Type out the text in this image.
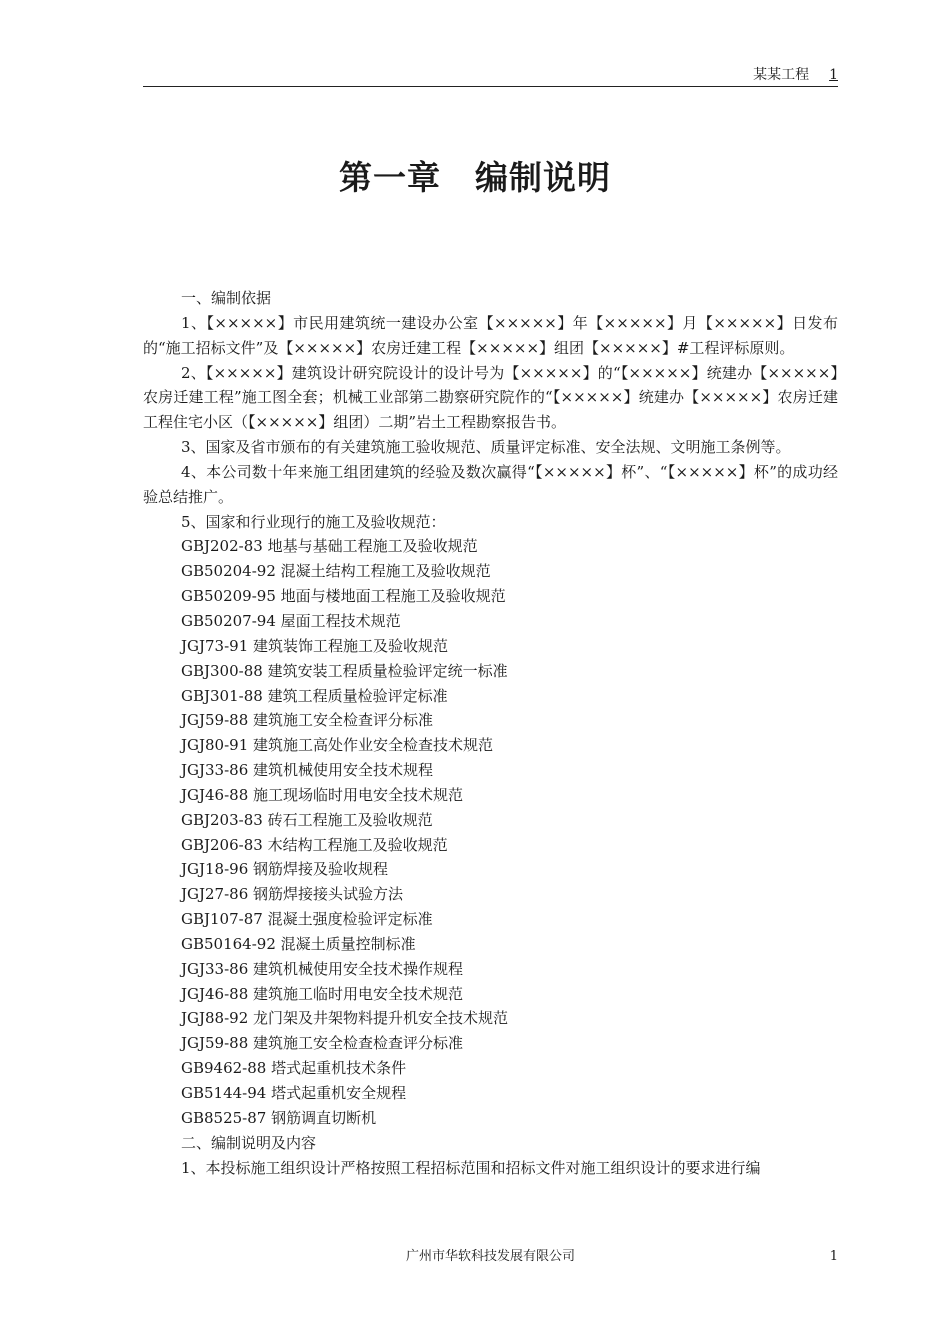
某某工程 1
第一章　编制说明

一、编制依据

1、【×××××】市民用建筑统一建设办公室【×××××】年【×××××】月【×××××】日发布的“施工招标文件”及【×××××】农房迁建工程【×××××】组团【×××××】#工程评标原则。

2、【×××××】建筑设计研究院设计的设计号为【×××××】的“【×××××】统建办【×××××】农房迁建工程”施工图全套；机械工业部第二勘察研究院作的“【×××××】统建办【×××××】农房迁建工程住宅小区（【×××××】组团）二期”岩土工程勘察报告书。

3、国家及省市颁布的有关建筑施工验收规范、质量评定标准、安全法规、文明施工条例等。

4、本公司数十年来施工组团建筑的经验及数次赢得“【×××××】杯”、“【×××××】杯”的成功经验总结推广。

5、国家和行业现行的施工及验收规范：

GBJ202-83 地基与基础工程施工及验收规范

GB50204-92 混凝土结构工程施工及验收规范

GB50209-95 地面与楼地面工程施工及验收规范

GB50207-94 屋面工程技术规范

JGJ73-91 建筑装饰工程施工及验收规范

GBJ300-88 建筑安装工程质量检验评定统一标准

GBJ301-88 建筑工程质量检验评定标准

JGJ59-88 建筑施工安全检查评分标准

JGJ80-91 建筑施工高处作业安全检查技术规范

JGJ33-86 建筑机械使用安全技术规程

JGJ46-88 施工现场临时用电安全技术规范

GBJ203-83 砖石工程施工及验收规范

GBJ206-83 木结构工程施工及验收规范

JGJ18-96 钢筋焊接及验收规程

JGJ27-86 钢筋焊接接头试验方法

GBJ107-87 混凝土强度检验评定标准

GB50164-92 混凝土质量控制标准

JGJ33-86 建筑机械使用安全技术操作规程

JGJ46-88 建筑施工临时用电安全技术规范

JGJ88-92 龙门架及井架物料提升机安全技术规范

JGJ59-88 建筑施工安全检查检查评分标准

GB9462-88 塔式起重机技术条件

GB5144-94 塔式起重机安全规程

GB8525-87 钢筋调直切断机

二、编制说明及内容

1、本投标施工组织设计严格按照工程招标范围和招标文件对施工组织设计的要求进行编

广州市华软科技发展有限公司	1
